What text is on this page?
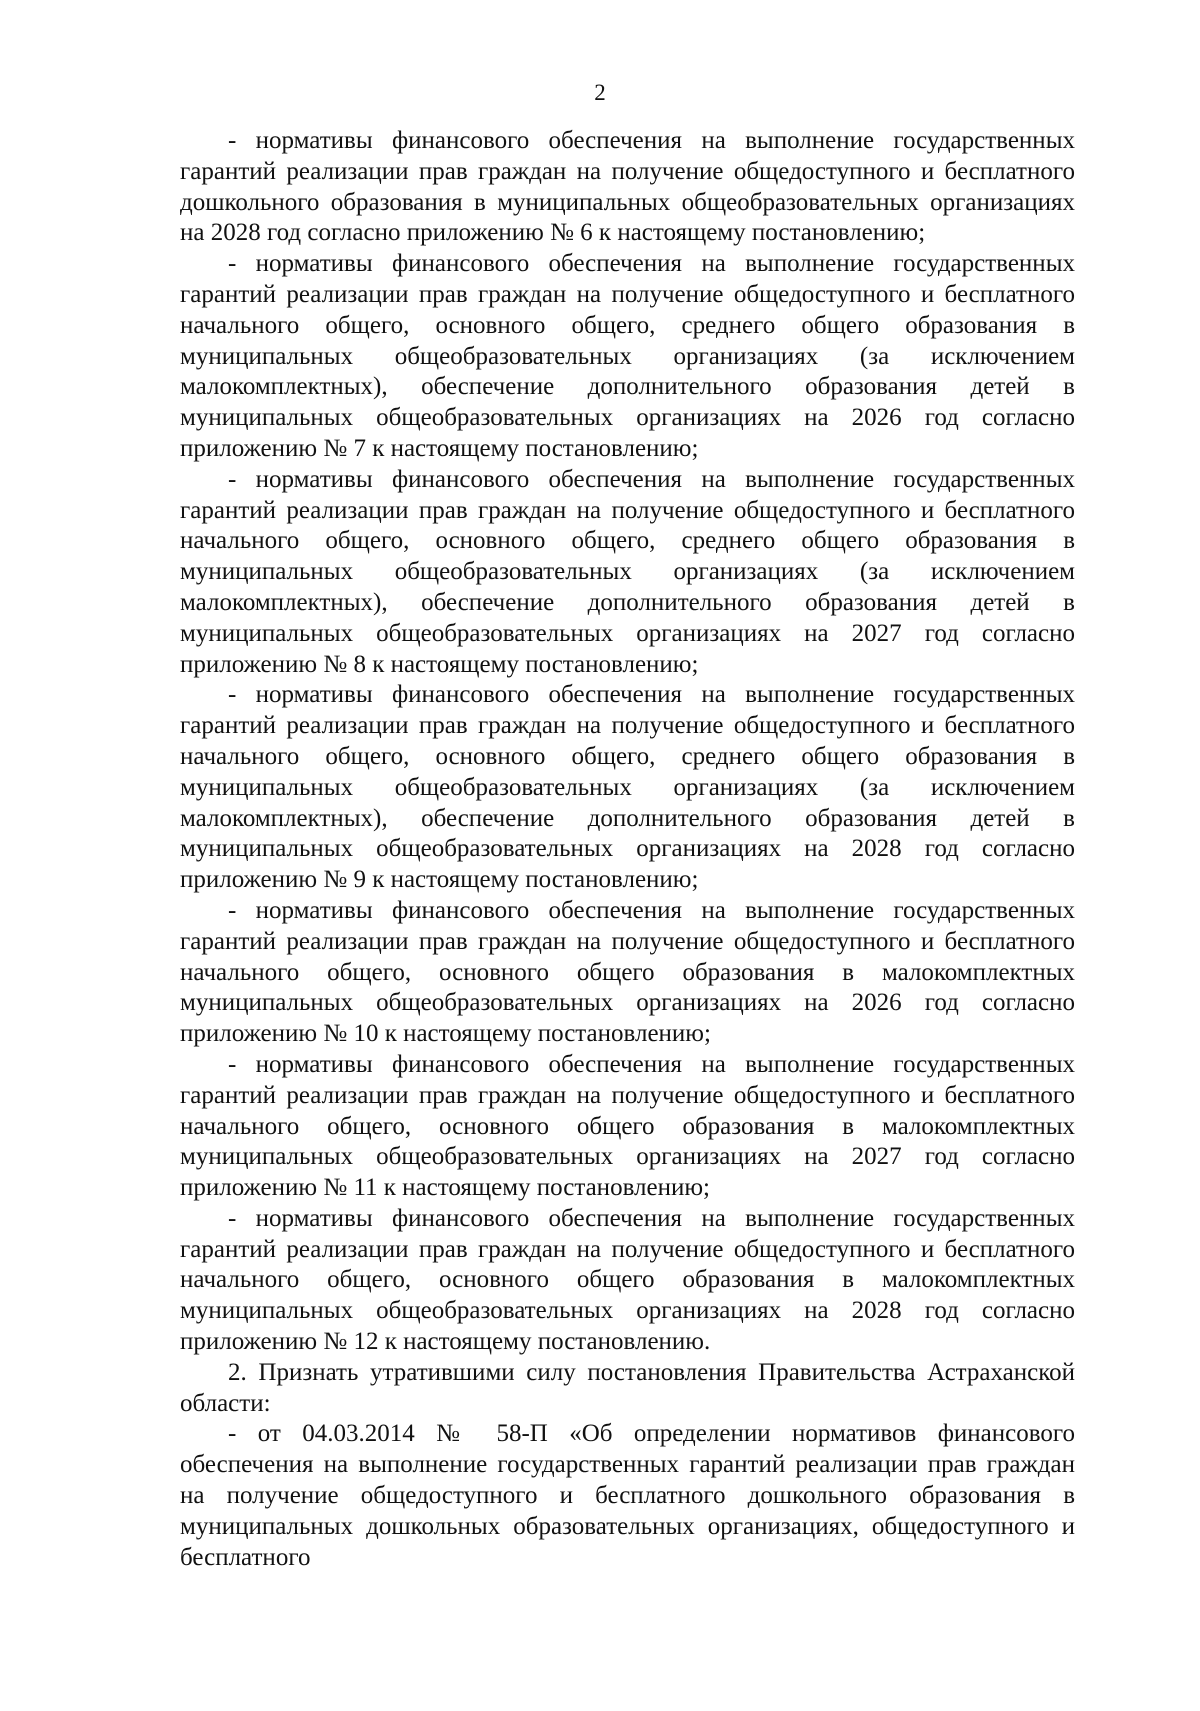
2

- нормативы финансового обеспечения на выполнение государственных гарантий реализации прав граждан на получение общедоступного и бесплатного дошкольного образования в муниципальных общеобразовательных организациях на 2028 год согласно приложению № 6 к настоящему постановлению;

- нормативы финансового обеспечения на выполнение государственных гарантий реализации прав граждан на получение общедоступного и бесплатного начального общего, основного общего, среднего общего образования в муниципальных общеобразовательных организациях (за исключением малокомплектных), обеспечение дополнительного образования детей в муниципальных общеобразовательных организациях на 2026 год согласно приложению № 7 к настоящему постановлению;

- нормативы финансового обеспечения на выполнение государственных гарантий реализации прав граждан на получение общедоступного и бесплатного начального общего, основного общего, среднего общего образования в муниципальных общеобразовательных организациях (за исключением малокомплектных), обеспечение дополнительного образования детей в муниципальных общеобразовательных организациях на 2027 год согласно приложению № 8 к настоящему постановлению;

- нормативы финансового обеспечения на выполнение государственных гарантий реализации прав граждан на получение общедоступного и бесплатного начального общего, основного общего, среднего общего образования в муниципальных общеобразовательных организациях (за исключением малокомплектных), обеспечение дополнительного образования детей в муниципальных общеобразовательных организациях на 2028 год согласно приложению № 9 к настоящему постановлению;

- нормативы финансового обеспечения на выполнение государственных гарантий реализации прав граждан на получение общедоступного и бесплатного начального общего, основного общего образования в малокомплектных муниципальных общеобразовательных организациях на 2026 год согласно приложению № 10 к настоящему постановлению;

- нормативы финансового обеспечения на выполнение государственных гарантий реализации прав граждан на получение общедоступного и бесплатного начального общего, основного общего образования в малокомплектных муниципальных общеобразовательных организациях на 2027 год согласно приложению № 11 к настоящему постановлению;

- нормативы финансового обеспечения на выполнение государственных гарантий реализации прав граждан на получение общедоступного и бесплатного начального общего, основного общего образования в малокомплектных муниципальных общеобразовательных организациях на 2028 год согласно приложению № 12 к настоящему постановлению.

2. Признать утратившими силу постановления Правительства Астраханской области:

- от 04.03.2014 № 58-П «Об определении нормативов финансового обеспечения на выполнение государственных гарантий реализации прав граждан на получение общедоступного и бесплатного дошкольного образования в муниципальных дошкольных образовательных организациях, общедоступного и бесплатного
